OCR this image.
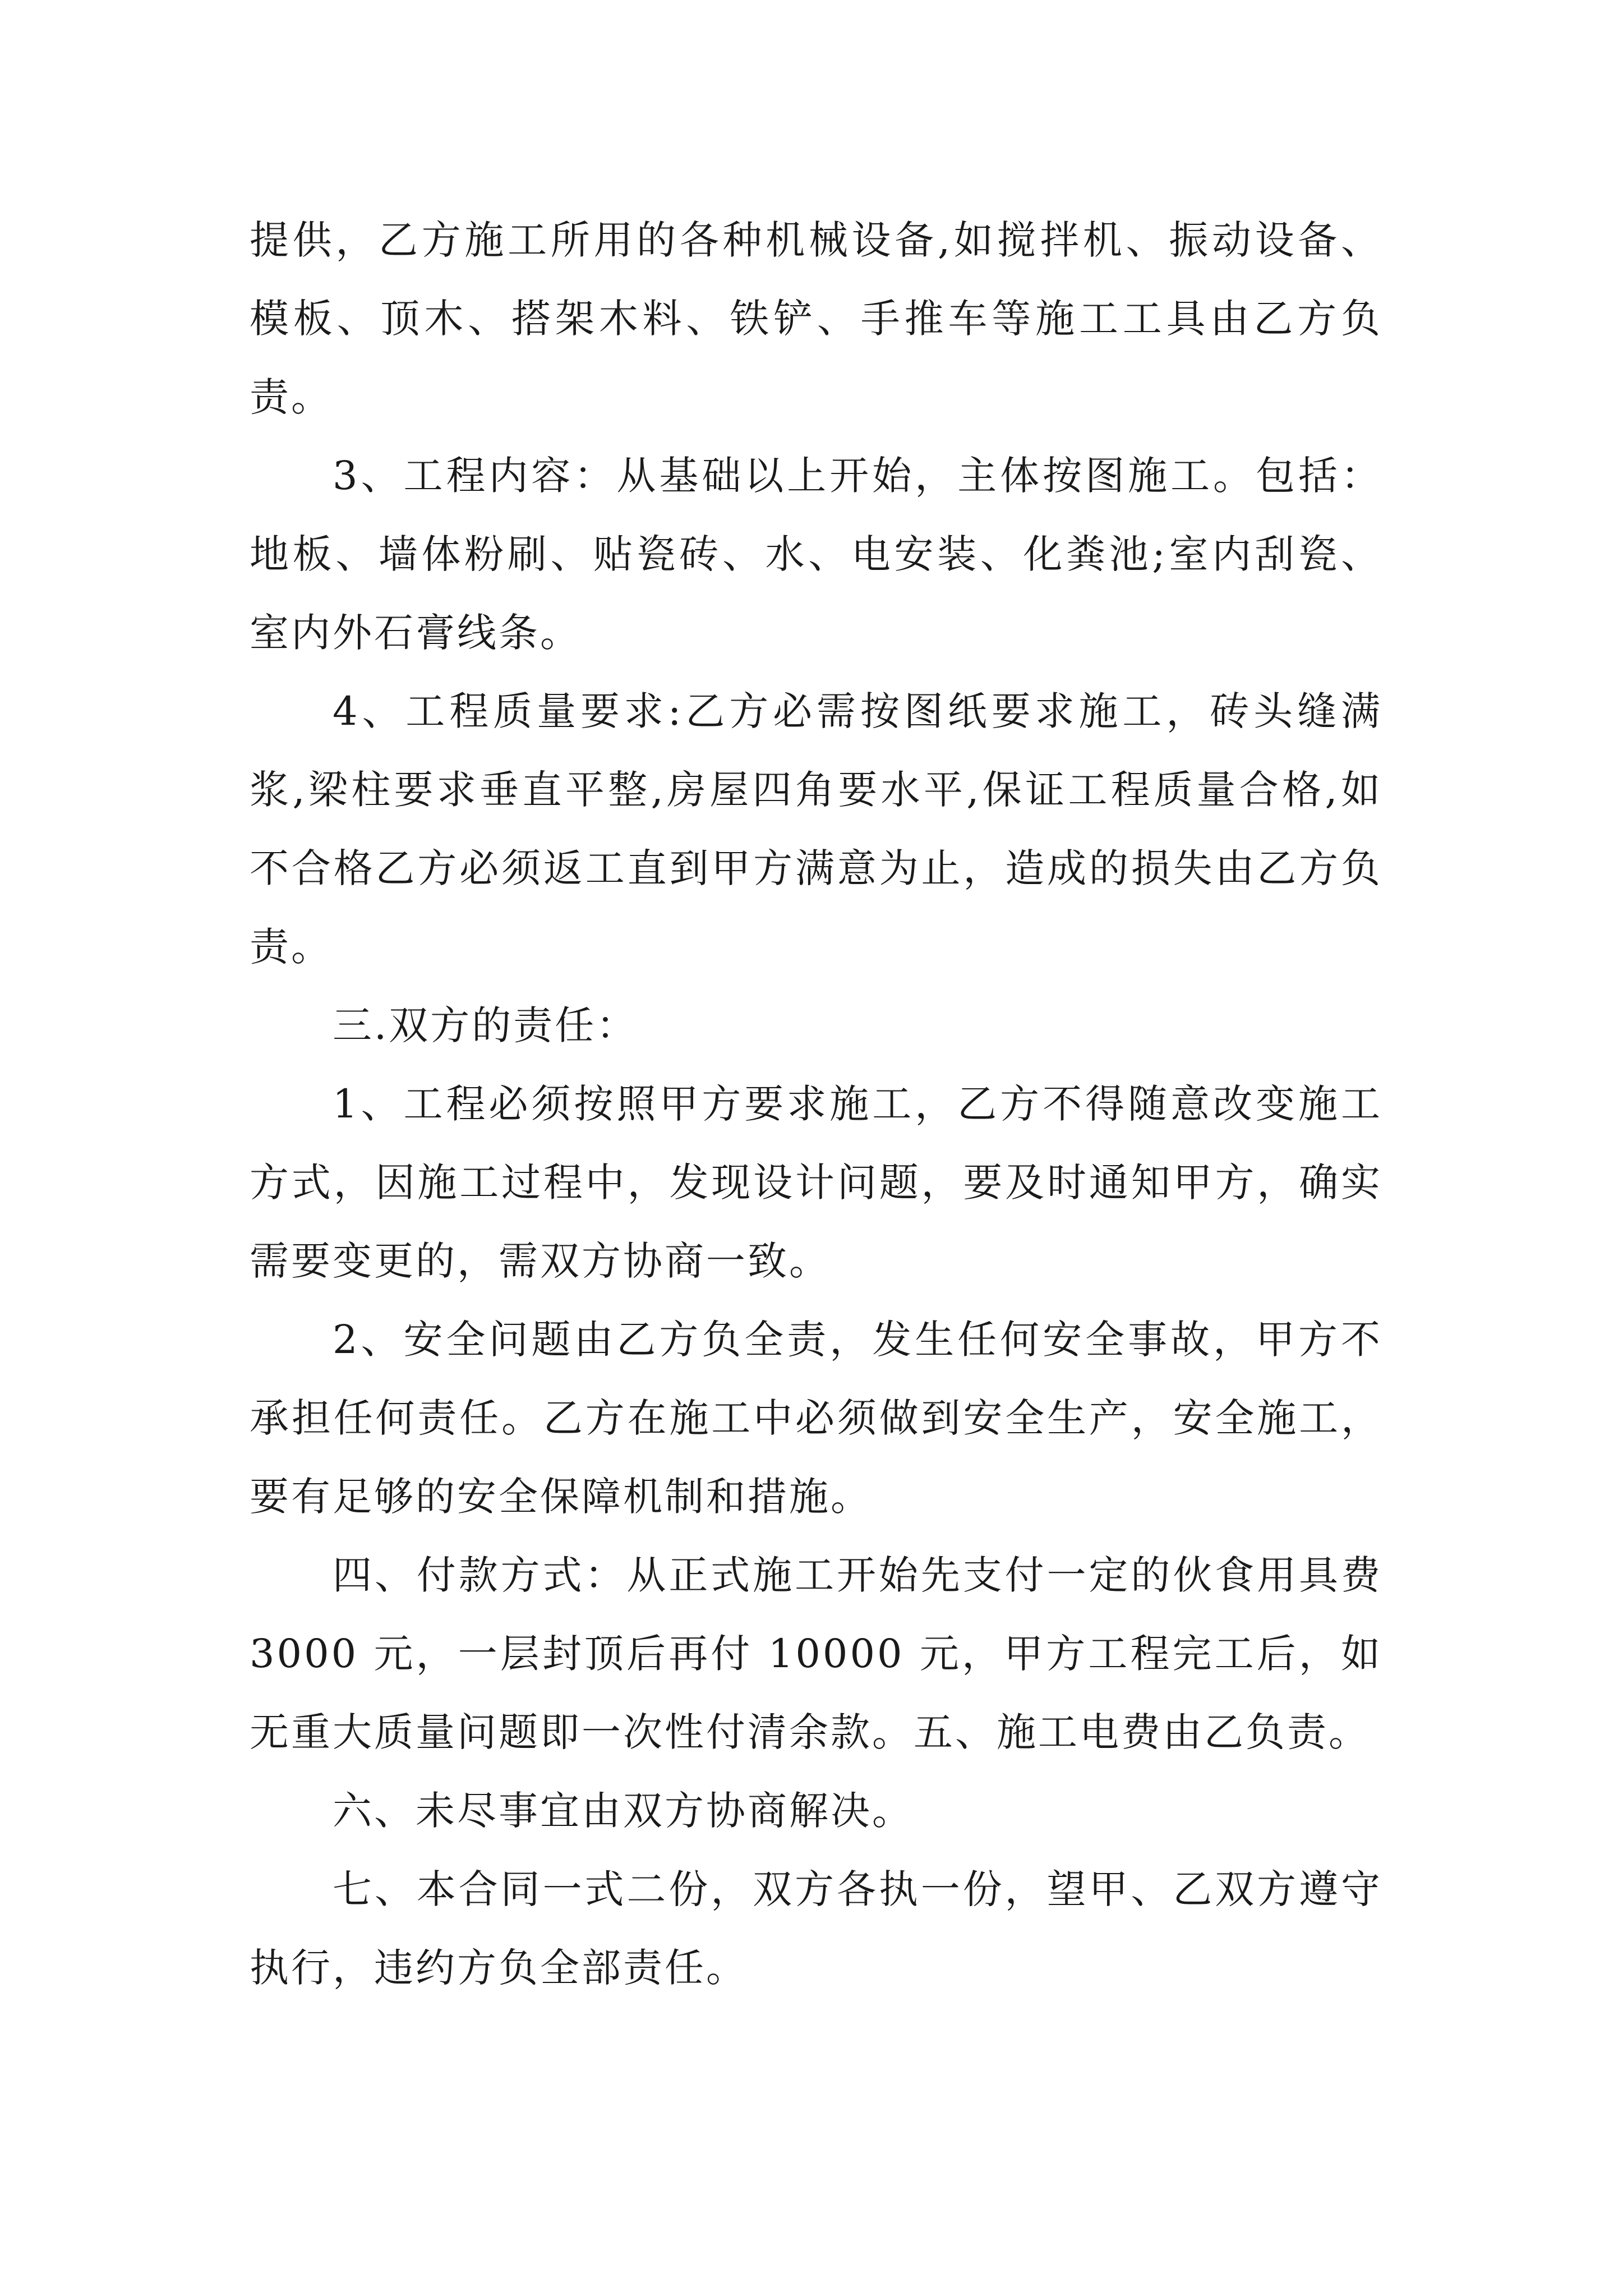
提供，乙方施工所用的各种机械设备,如搅拌机、振动设备、模板、顶木、搭架木料、铁铲、手推车等施工工具由乙方负责。

3、工程内容：从基础以上开始，主体按图施工。包括：地板、墙体粉刷、贴瓷砖、水、电安装、化粪池;室内刮瓷、室内外石膏线条。

4、工程质量要求:乙方必需按图纸要求施工，砖头缝满浆,梁柱要求垂直平整,房屋四角要水平,保证工程质量合格,如不合格乙方必须返工直到甲方满意为止，造成的损失由乙方负责。

三.双方的责任：

1、工程必须按照甲方要求施工，乙方不得随意改变施工方式，因施工过程中，发现设计问题，要及时通知甲方，确实需要变更的，需双方协商一致。

2、安全问题由乙方负全责，发生任何安全事故，甲方不承担任何责任。乙方在施工中必须做到安全生产，安全施工，要有足够的安全保障机制和措施。

四、付款方式：从正式施工开始先支付一定的伙食用具费 3000 元，一层封顶后再付 10000 元，甲方工程完工后，如无重大质量问题即一次性付清余款。五、施工电费由乙负责。

六、未尽事宜由双方协商解决。

七、本合同一式二份，双方各执一份，望甲、乙双方遵守执行，违约方负全部责任。
